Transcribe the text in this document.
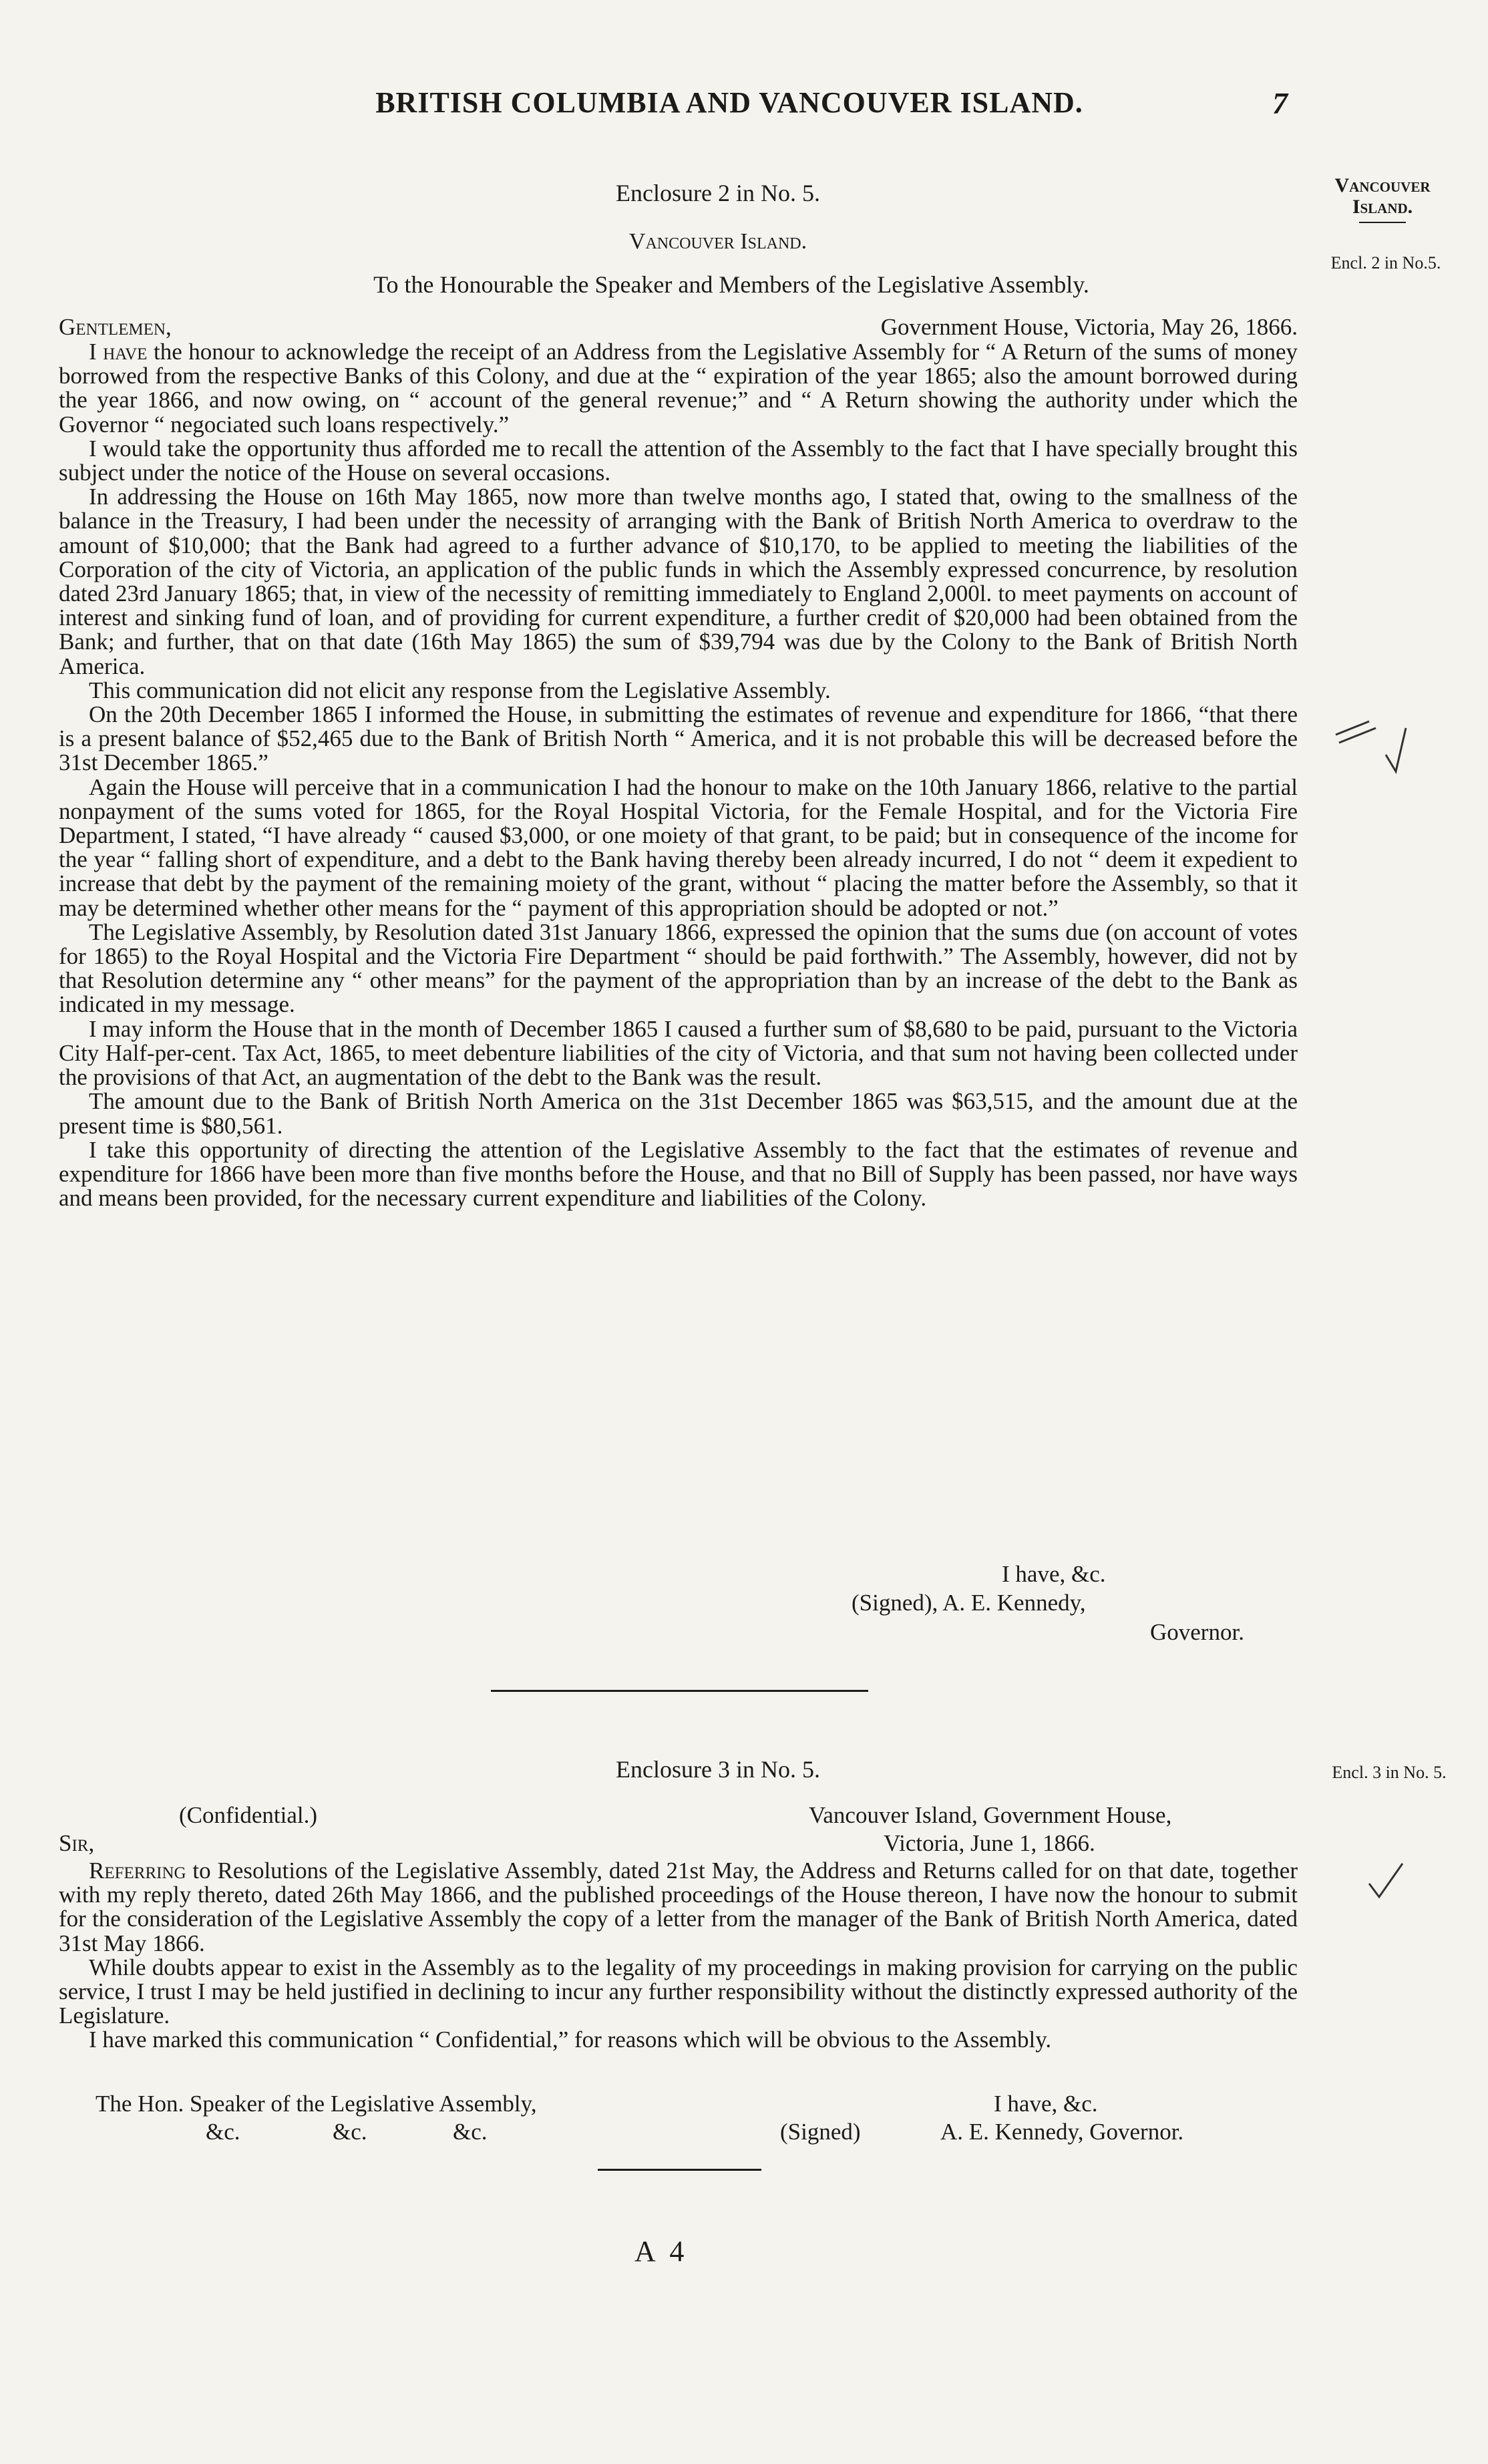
BRITISH COLUMBIA AND VANCOUVER ISLAND.	7
Vancouver
Island.
Encl. 2 in No.5.
Enclosure 2 in No. 5.
Vancouver Island.
To the Honourable the Speaker and Members of the Legislative Assembly.
Gentlemen,	Government House, Victoria, May 26, 1866.

I have the honour to acknowledge the receipt of an Address from the Legislative Assembly for “ A Return of the sums of money borrowed from the respective Banks of this Colony, and due at the “ expiration of the year 1865; also the amount borrowed during the year 1866, and now owing, on “ account of the general revenue;” and “ A Return showing the authority under which the Governor “ negociated such loans respectively.”

I would take the opportunity thus afforded me to recall the attention of the Assembly to the fact that I have specially brought this subject under the notice of the House on several occasions.

In addressing the House on 16th May 1865, now more than twelve months ago, I stated that, owing to the smallness of the balance in the Treasury, I had been under the necessity of arranging with the Bank of British North America to overdraw to the amount of $10,000; that the Bank had agreed to a further advance of $10,170, to be applied to meeting the liabilities of the Corporation of the city of Victoria, an application of the public funds in which the Assembly expressed concurrence, by resolution dated 23rd January 1865; that, in view of the necessity of remitting immediately to England 2,000l. to meet payments on account of interest and sinking fund of loan, and of providing for current expenditure, a further credit of $20,000 had been obtained from the Bank; and further, that on that date (16th May 1865) the sum of $39,794 was due by the Colony to the Bank of British North America.

This communication did not elicit any response from the Legislative Assembly.

On the 20th December 1865 I informed the House, in submitting the estimates of revenue and expenditure for 1866, “that there is a present balance of $52,465 due to the Bank of British North “ America, and it is not probable this will be decreased before the 31st December 1865.”

Again the House will perceive that in a communication I had the honour to make on the 10th January 1866, relative to the partial nonpayment of the sums voted for 1865, for the Royal Hospital Victoria, for the Female Hospital, and for the Victoria Fire Department, I stated, “I have already “ caused $3,000, or one moiety of that grant, to be paid; but in consequence of the income for the year “ falling short of expenditure, and a debt to the Bank having thereby been already incurred, I do not “ deem it expedient to increase that debt by the payment of the remaining moiety of the grant, without “ placing the matter before the Assembly, so that it may be determined whether other means for the “ payment of this appropriation should be adopted or not.”

The Legislative Assembly, by Resolution dated 31st January 1866, expressed the opinion that the sums due (on account of votes for 1865) to the Royal Hospital and the Victoria Fire Department “ should be paid forthwith.” The Assembly, however, did not by that Resolution determine any “ other means” for the payment of the appropriation than by an increase of the debt to the Bank as indicated in my message.

I may inform the House that in the month of December 1865 I caused a further sum of $8,680 to be paid, pursuant to the Victoria City Half-per-cent. Tax Act, 1865, to meet debenture liabilities of the city of Victoria, and that sum not having been collected under the provisions of that Act, an augmentation of the debt to the Bank was the result.

The amount due to the Bank of British North America on the 31st December 1865 was $63,515, and the amount due at the present time is $80,561.

I take this opportunity of directing the attention of the Legislative Assembly to the fact that the estimates of revenue and expenditure for 1866 have been more than five months before the House, and that no Bill of Supply has been passed, nor have ways and means been provided, for the necessary current expenditure and liabilities of the Colony.

I have, &c.
(Signed), A. E. Kennedy,
Governor.
Enclosure 3 in No. 5.	Encl. 3 in No. 5.
(Confidential.)	Vancouver Island, Government House,
Sir,	Victoria, June 1, 1866.

Referring to Resolutions of the Legislative Assembly, dated 21st May, the Address and Returns called for on that date, together with my reply thereto, dated 26th May 1866, and the published proceedings of the House thereon, I have now the honour to submit for the consideration of the Legislative Assembly the copy of a letter from the manager of the Bank of British North America, dated 31st May 1866.

While doubts appear to exist in the Assembly as to the legality of my proceedings in making provision for carrying on the public service, I trust I may be held justified in declining to incur any further responsibility without the distinctly expressed authority of the Legislature.

I have marked this communication “ Confidential,” for reasons which will be obvious to the Assembly.

The Hon. Speaker of the Legislative Assembly,	I have, &c.
&c.	&c.	&c.	(Signed)	A. E. Kennedy, Governor.
A 4
